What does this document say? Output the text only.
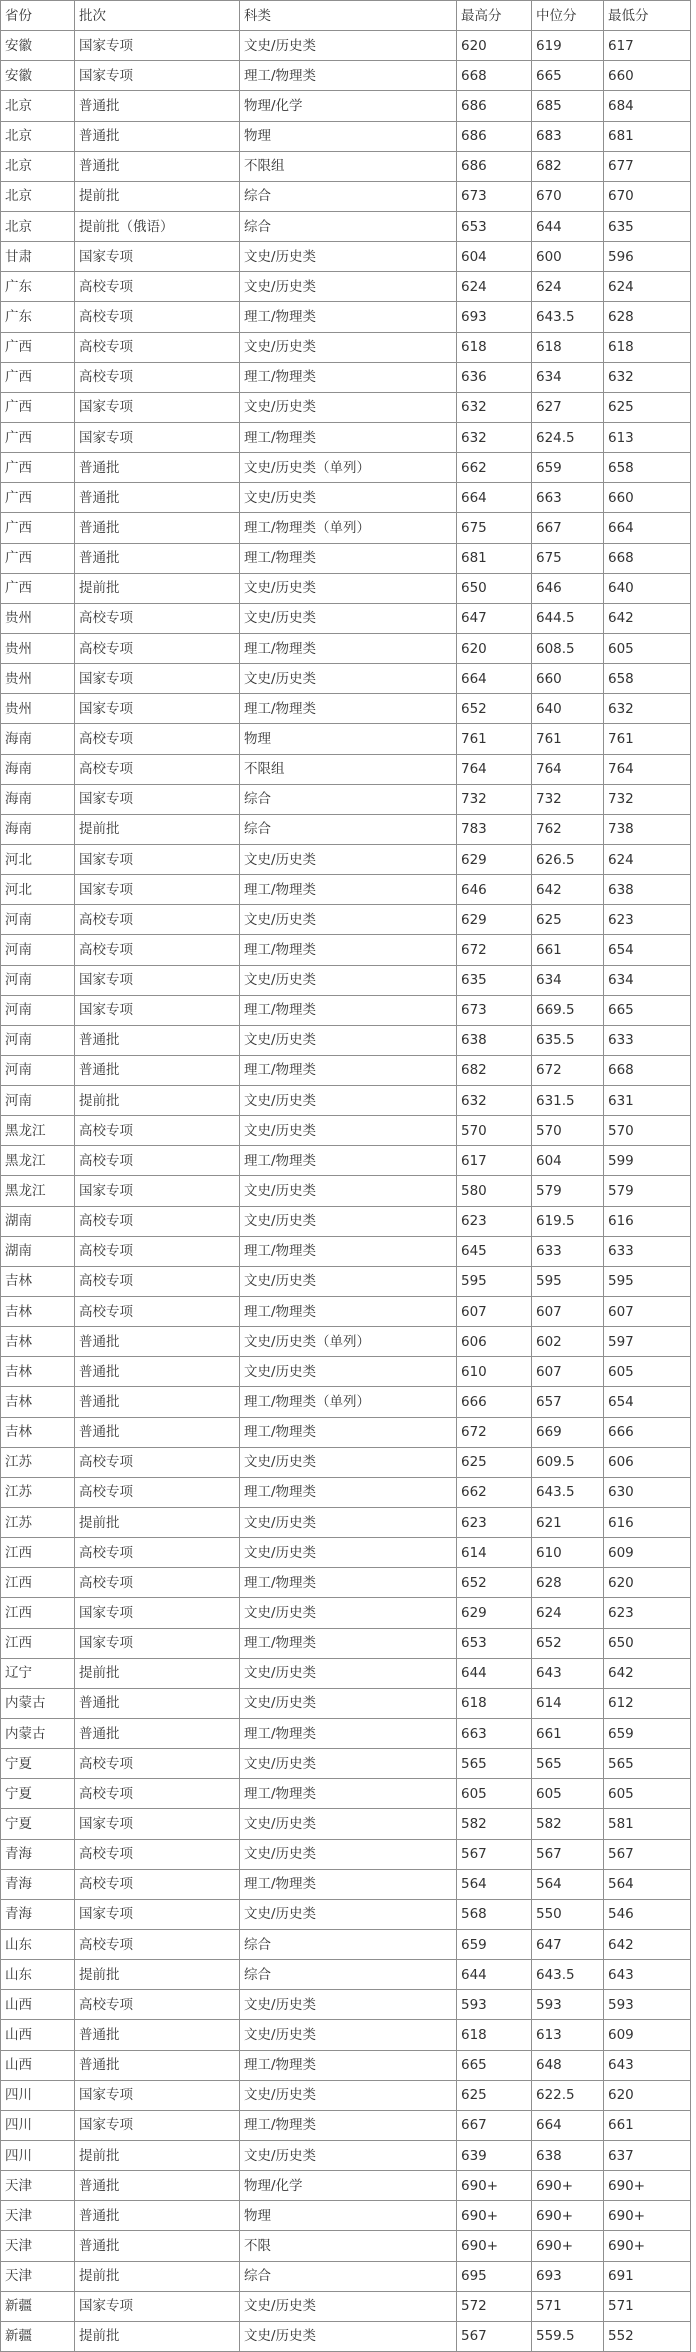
省份	批次	科类	最高分	中位分	最低分
安徽	国家专项	文史/历史类	620	619	617
安徽	国家专项	理工/物理类	668	665	660
北京	普通批	物理/化学	686	685	684
北京	普通批	物理	686	683	681
北京	普通批	不限组	686	682	677
北京	提前批	综合	673	670	670
北京	提前批（俄语）	综合	653	644	635
甘肃	国家专项	文史/历史类	604	600	596
广东	高校专项	文史/历史类	624	624	624
广东	高校专项	理工/物理类	693	643.5	628
广西	高校专项	文史/历史类	618	618	618
广西	高校专项	理工/物理类	636	634	632
广西	国家专项	文史/历史类	632	627	625
广西	国家专项	理工/物理类	632	624.5	613
广西	普通批	文史/历史类（单列）	662	659	658
广西	普通批	文史/历史类	664	663	660
广西	普通批	理工/物理类（单列）	675	667	664
广西	普通批	理工/物理类	681	675	668
广西	提前批	文史/历史类	650	646	640
贵州	高校专项	文史/历史类	647	644.5	642
贵州	高校专项	理工/物理类	620	608.5	605
贵州	国家专项	文史/历史类	664	660	658
贵州	国家专项	理工/物理类	652	640	632
海南	高校专项	物理	761	761	761
海南	高校专项	不限组	764	764	764
海南	国家专项	综合	732	732	732
海南	提前批	综合	783	762	738
河北	国家专项	文史/历史类	629	626.5	624
河北	国家专项	理工/物理类	646	642	638
河南	高校专项	文史/历史类	629	625	623
河南	高校专项	理工/物理类	672	661	654
河南	国家专项	文史/历史类	635	634	634
河南	国家专项	理工/物理类	673	669.5	665
河南	普通批	文史/历史类	638	635.5	633
河南	普通批	理工/物理类	682	672	668
河南	提前批	文史/历史类	632	631.5	631
黑龙江	高校专项	文史/历史类	570	570	570
黑龙江	高校专项	理工/物理类	617	604	599
黑龙江	国家专项	文史/历史类	580	579	579
湖南	高校专项	文史/历史类	623	619.5	616
湖南	高校专项	理工/物理类	645	633	633
吉林	高校专项	文史/历史类	595	595	595
吉林	高校专项	理工/物理类	607	607	607
吉林	普通批	文史/历史类（单列）	606	602	597
吉林	普通批	文史/历史类	610	607	605
吉林	普通批	理工/物理类（单列）	666	657	654
吉林	普通批	理工/物理类	672	669	666
江苏	高校专项	文史/历史类	625	609.5	606
江苏	高校专项	理工/物理类	662	643.5	630
江苏	提前批	文史/历史类	623	621	616
江西	高校专项	文史/历史类	614	610	609
江西	高校专项	理工/物理类	652	628	620
江西	国家专项	文史/历史类	629	624	623
江西	国家专项	理工/物理类	653	652	650
辽宁	提前批	文史/历史类	644	643	642
内蒙古	普通批	文史/历史类	618	614	612
内蒙古	普通批	理工/物理类	663	661	659
宁夏	高校专项	文史/历史类	565	565	565
宁夏	高校专项	理工/物理类	605	605	605
宁夏	国家专项	文史/历史类	582	582	581
青海	高校专项	文史/历史类	567	567	567
青海	高校专项	理工/物理类	564	564	564
青海	国家专项	文史/历史类	568	550	546
山东	高校专项	综合	659	647	642
山东	提前批	综合	644	643.5	643
山西	高校专项	文史/历史类	593	593	593
山西	普通批	文史/历史类	618	613	609
山西	普通批	理工/物理类	665	648	643
四川	国家专项	文史/历史类	625	622.5	620
四川	国家专项	理工/物理类	667	664	661
四川	提前批	文史/历史类	639	638	637
天津	普通批	物理/化学	690+	690+	690+
天津	普通批	物理	690+	690+	690+
天津	普通批	不限	690+	690+	690+
天津	提前批	综合	695	693	691
新疆	国家专项	文史/历史类	572	571	571
新疆	提前批	文史/历史类	567	559.5	552
